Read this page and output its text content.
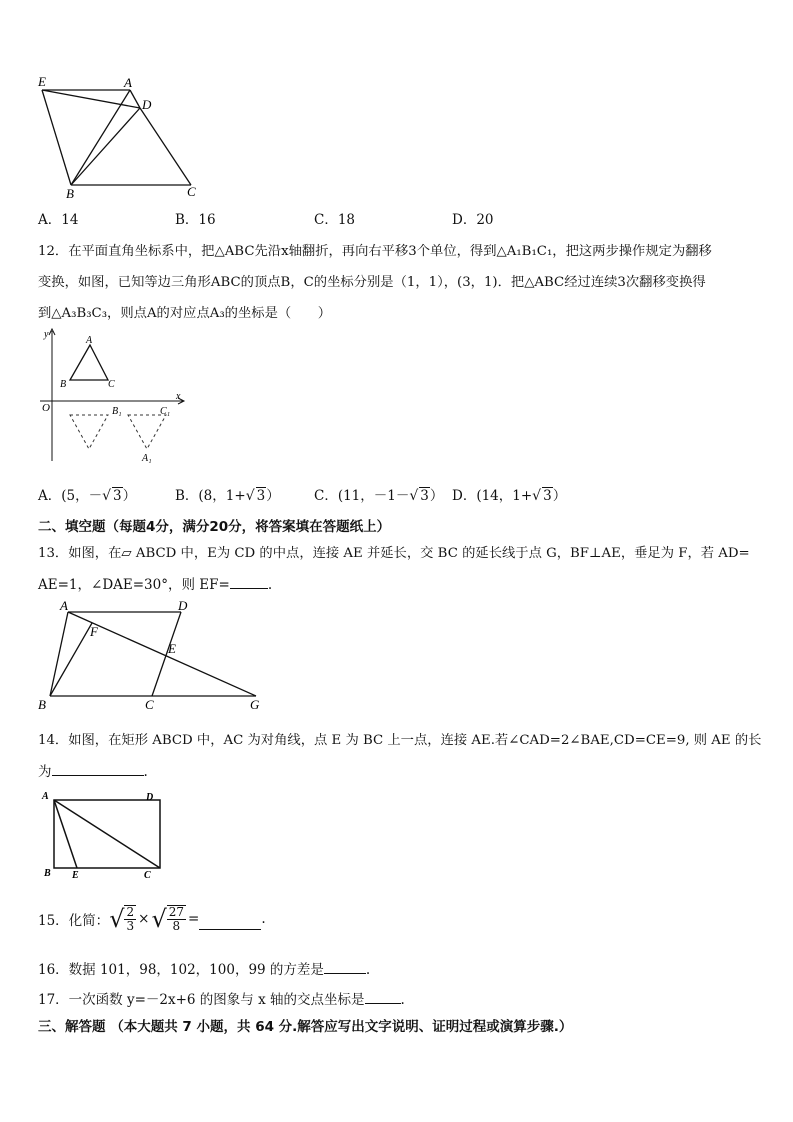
E	A
D
B	C
A．14	B．16	C．18	D．20
12．在平面直角坐标系中，把△ABC先沿x轴翻折，再向右平移3个单位，得到△A₁B₁C₁，把这两步操作规定为翻移
变换，如图，已知等边三角形ABC的顶点B，C的坐标分别是（1，1），(3，1)．把△ABC经过连续3次翻移变换得
到△A₃B₃C₃，则点A的对应点A₃的坐标是（　　）
y
x
O
A
B	C
B₁	C₁
A₁
A．(5，－√ 3）	B．(8，1+√ 3）	C．(11，－1－√ 3） D．(14，1+√ 3）
二、填空题（每题4分，满分20分，将答案填在答题纸上）
13．如图，在▱ ABCD 中，E为 CD 的中点，连接 AE 并延长，交 BC 的延长线于点 G，BF⊥AE，垂足为 F，若 AD=
AE=1，∠DAE=30°，则 EF=	.
A	D
F
E
B	C	G
14．如图，在矩形 ABCD 中，AC 为对角线，点 E 为 BC 上一点，连接 AE.若∠CAD=2∠BAE,CD=CE=9, 则 AE 的长
为	.
A	D
B E	C
15．化简： √ $\frac{2}{3}$ × √ $\frac{27}{8}$ =	.
16．数据 101，98，102，100，99 的方差是	.
17．一次函数 y=－2x+6 的图象与 x 轴的交点坐标是	.
三、解答题 （本大题共 7 小题，共 64 分.解答应写出文字说明、证明过程或演算步骤.）
